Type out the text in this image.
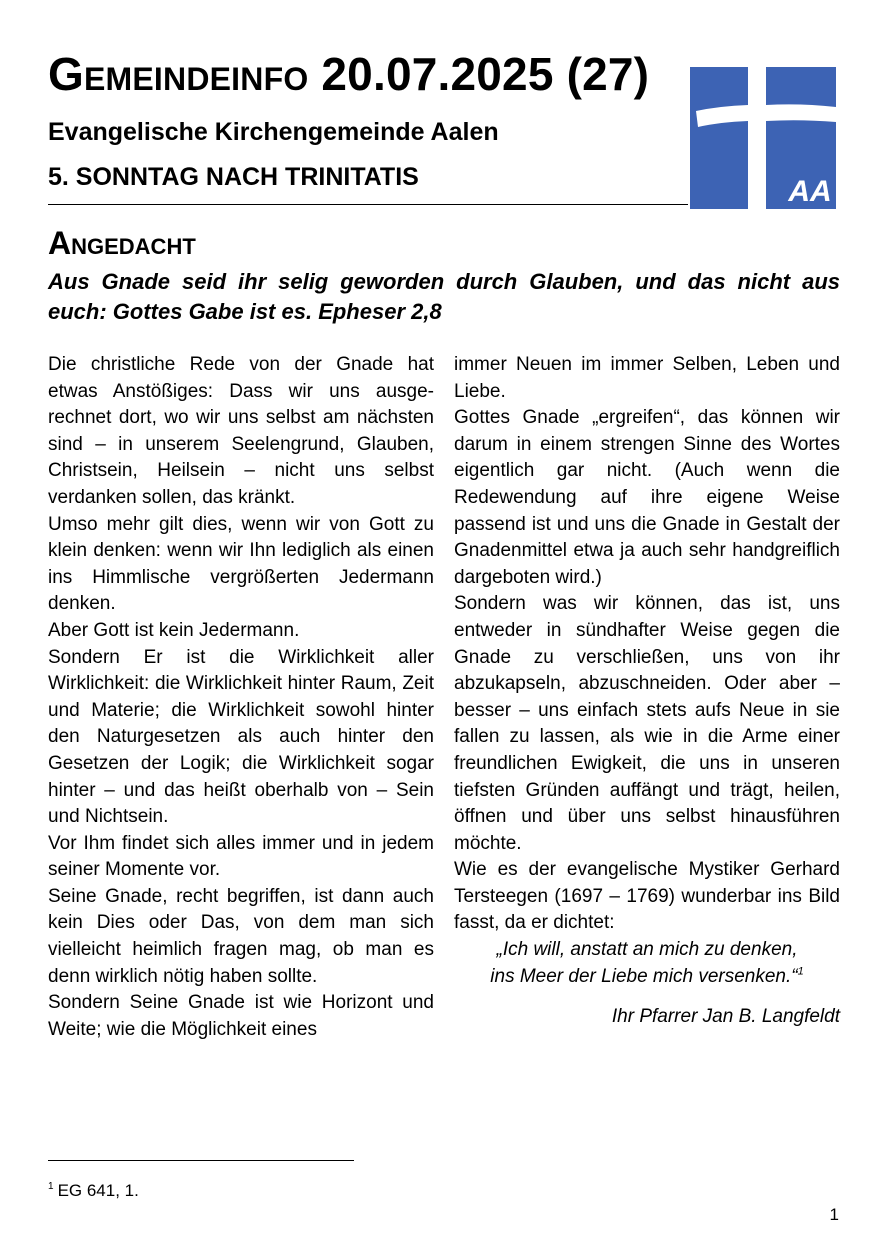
Gemeindeinfo 20.07.2025 (27)
Evangelische Kirchengemeinde Aalen
5. SONNTAG NACH TRINITATIS	AA
Angedacht
Aus Gnade seid ihr selig geworden durch Glauben, und das nicht aus euch: Gottes Gabe ist es. Epheser 2,8

Die christliche Rede von der Gnade hat etwas Anstößiges: Dass wir uns ausgerechnet dort, wo wir uns selbst am nächsten sind – in unserem Seelengrund, Glauben, Christsein, Heilsein – nicht uns selbst verdanken sollen, das kränkt.

Umso mehr gilt dies, wenn wir von Gott zu klein denken: wenn wir Ihn lediglich als einen ins Himmlische vergrößerten Jedermann denken.

Aber Gott ist kein Jedermann.

Sondern Er ist die Wirklichkeit aller Wirklichkeit: die Wirklichkeit hinter Raum, Zeit und Materie; die Wirklichkeit sowohl hinter den Naturgesetzen als auch hinter den Gesetzen der Logik; die Wirklichkeit sogar hinter – und das heißt oberhalb von – Sein und Nichtsein.

Vor Ihm findet sich alles immer und in jedem seiner Momente vor.

Seine Gnade, recht begriffen, ist dann auch kein Dies oder Das, von dem man sich vielleicht heimlich fragen mag, ob man es denn wirklich nötig haben sollte.

Sondern Seine Gnade ist wie Horizont und Weite; wie die Möglichkeit eines

immer Neuen im immer Selben, Leben und Liebe.

Gottes Gnade „ergreifen“, das können wir darum in einem strengen Sinne des Wortes eigentlich gar nicht. (Auch wenn die Redewendung auf ihre eigene Weise passend ist und uns die Gnade in Gestalt der Gnadenmittel etwa ja auch sehr handgreiflich dargeboten wird.)

Sondern was wir können, das ist, uns entweder in sündhafter Weise gegen die Gnade zu verschließen, uns von ihr abzukapseln, abzuschneiden. Oder aber – besser – uns einfach stets aufs Neue in sie fallen zu lassen, als wie in die Arme einer freundlichen Ewigkeit, die uns in unseren tiefsten Gründen auffängt und trägt, heilen, öffnen und über uns selbst hinausführen möchte.

Wie es der evangelische Mystiker Gerhard Tersteegen (1697 – 1769) wunderbar ins Bild fasst, da er dichtet:

„Ich will, anstatt an mich zu denken,
ins Meer der Liebe mich versenken.“$^1$

Ihr Pfarrer Jan B. Langfeldt

$^1$ EG 641, 1.
1
